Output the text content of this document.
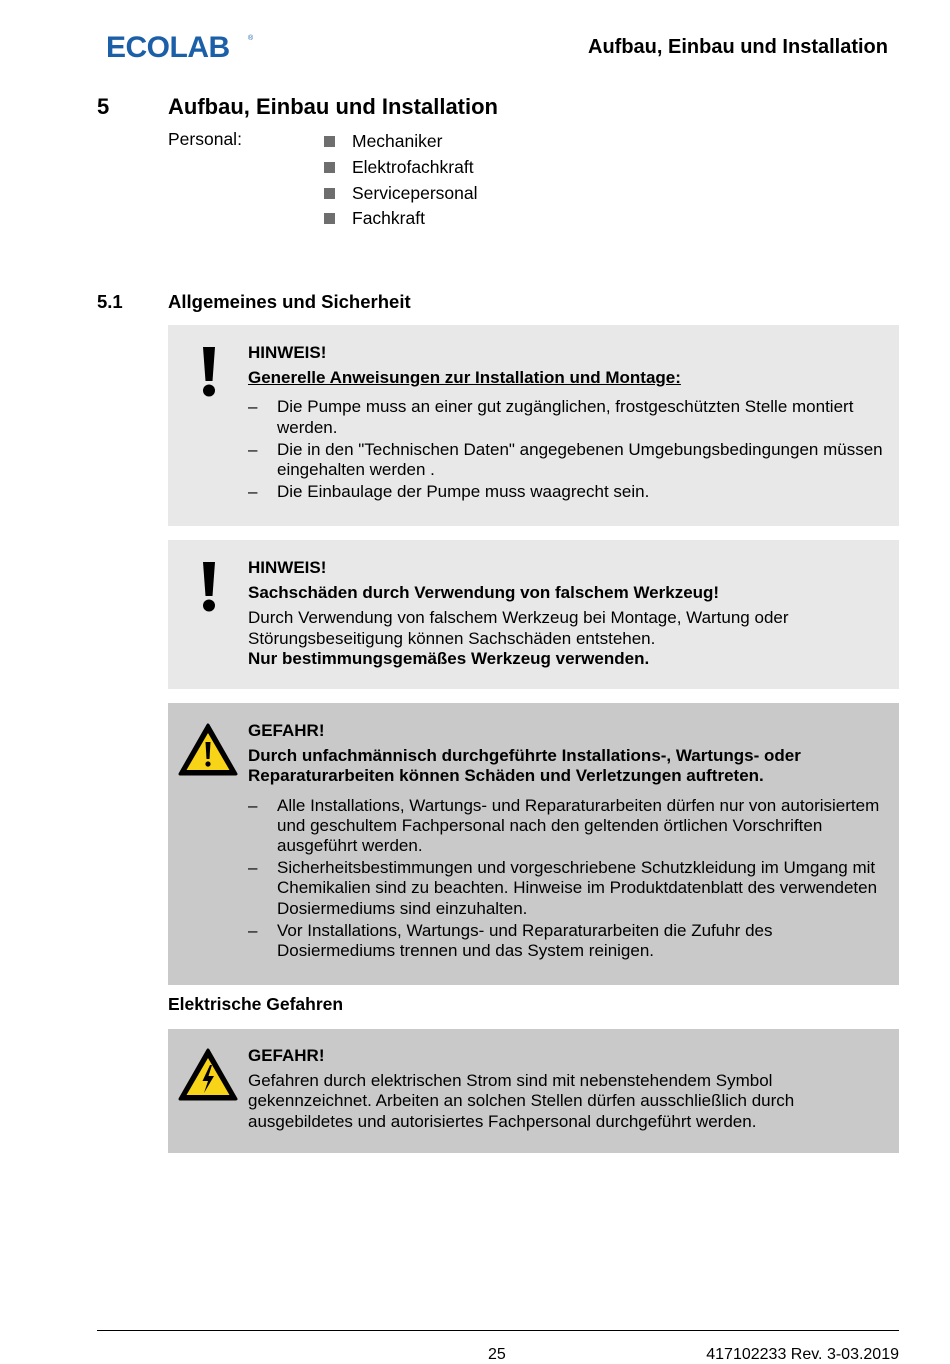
ECOLAB	®	Aufbau, Einbau und Installation
5	Aufbau, Einbau und Installation
Personal:	Mechaniker
Elektrofachkraft
Servicepersonal
Fachkraft
5.1 Allgemeines und Sicherheit
HINWEIS!
Generelle Anweisungen zur Installation und Montage:
– Die Pumpe muss an einer gut zugänglichen, frostgeschützten Stelle montiert werden.
– Die in den "Technischen Daten" angegebenen Umgebungsbedingungen müssen eingehalten werden .
– Die Einbaulage der Pumpe muss waagrecht sein.
HINWEIS!
Sachschäden durch Verwendung von falschem Werkzeug!
Durch Verwendung von falschem Werkzeug bei Montage, Wartung oder Störungsbeseitigung können Sachschäden entstehen.
Nur bestimmungsgemäßes Werkzeug verwenden.
GEFAHR!
Durch unfachmännisch durchgeführte Installations-, Wartungs- oder Reparaturarbeiten können Schäden und Verletzungen auftreten.
– Alle Installations, Wartungs- und Reparaturarbeiten dürfen nur von autorisiertem und geschultem Fachpersonal nach den geltenden örtlichen Vorschriften ausgeführt werden.
– Sicherheitsbestimmungen und vorgeschriebene Schutzkleidung im Umgang mit Chemikalien sind zu beachten. Hinweise im Produktdatenblatt des verwendeten Dosiermediums sind einzuhalten.
– Vor Installations, Wartungs- und Reparaturarbeiten die Zufuhr des Dosiermediums trennen und das System reinigen.
Elektrische Gefahren
GEFAHR!
Gefahren durch elektrischen Strom sind mit nebenstehendem Symbol gekennzeichnet. Arbeiten an solchen Stellen dürfen ausschließlich durch ausgebildetes und autorisiertes Fachpersonal durchgeführt werden.
25	417102233 Rev. 3-03.2019
